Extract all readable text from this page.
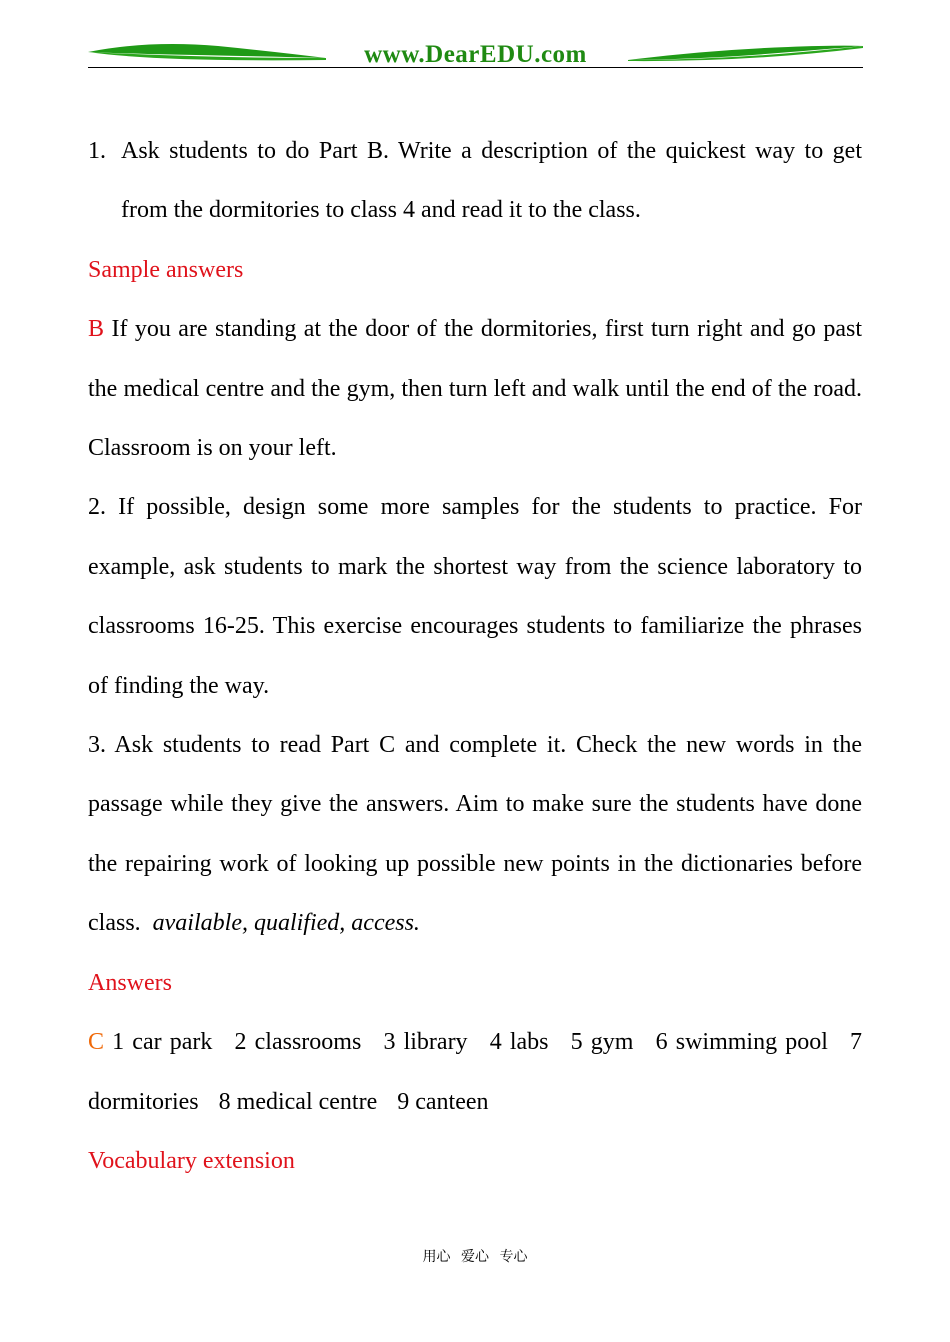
www.DearEDU.com

1. Ask students to do Part B. Write a description of the quickest way to get from the dormitories to class 4 and read it to the class.

Sample answers

B If you are standing at the door of the dormitories, first turn right and go past the medical centre and the gym, then turn left and walk until the end of the road. Classroom is on your left.

2. If possible, design some more samples for the students to practice. For example, ask students to mark the shortest way from the science laboratory to classrooms 16-25. This exercise encourages students to familiarize the phrases of finding the way.

3. Ask students to read Part C and complete it. Check the new words in the passage while they give the answers. Aim to make sure the students have done the repairing work of looking up possible new points in the dictionaries before class. available, qualified, access.

Answers

C 1 car park 2 classrooms 3 library 4 labs 5 gym 6 swimming pool 7 dormitories 8 medical centre 9 canteen

Vocabulary extension

用心 爱心 专心
